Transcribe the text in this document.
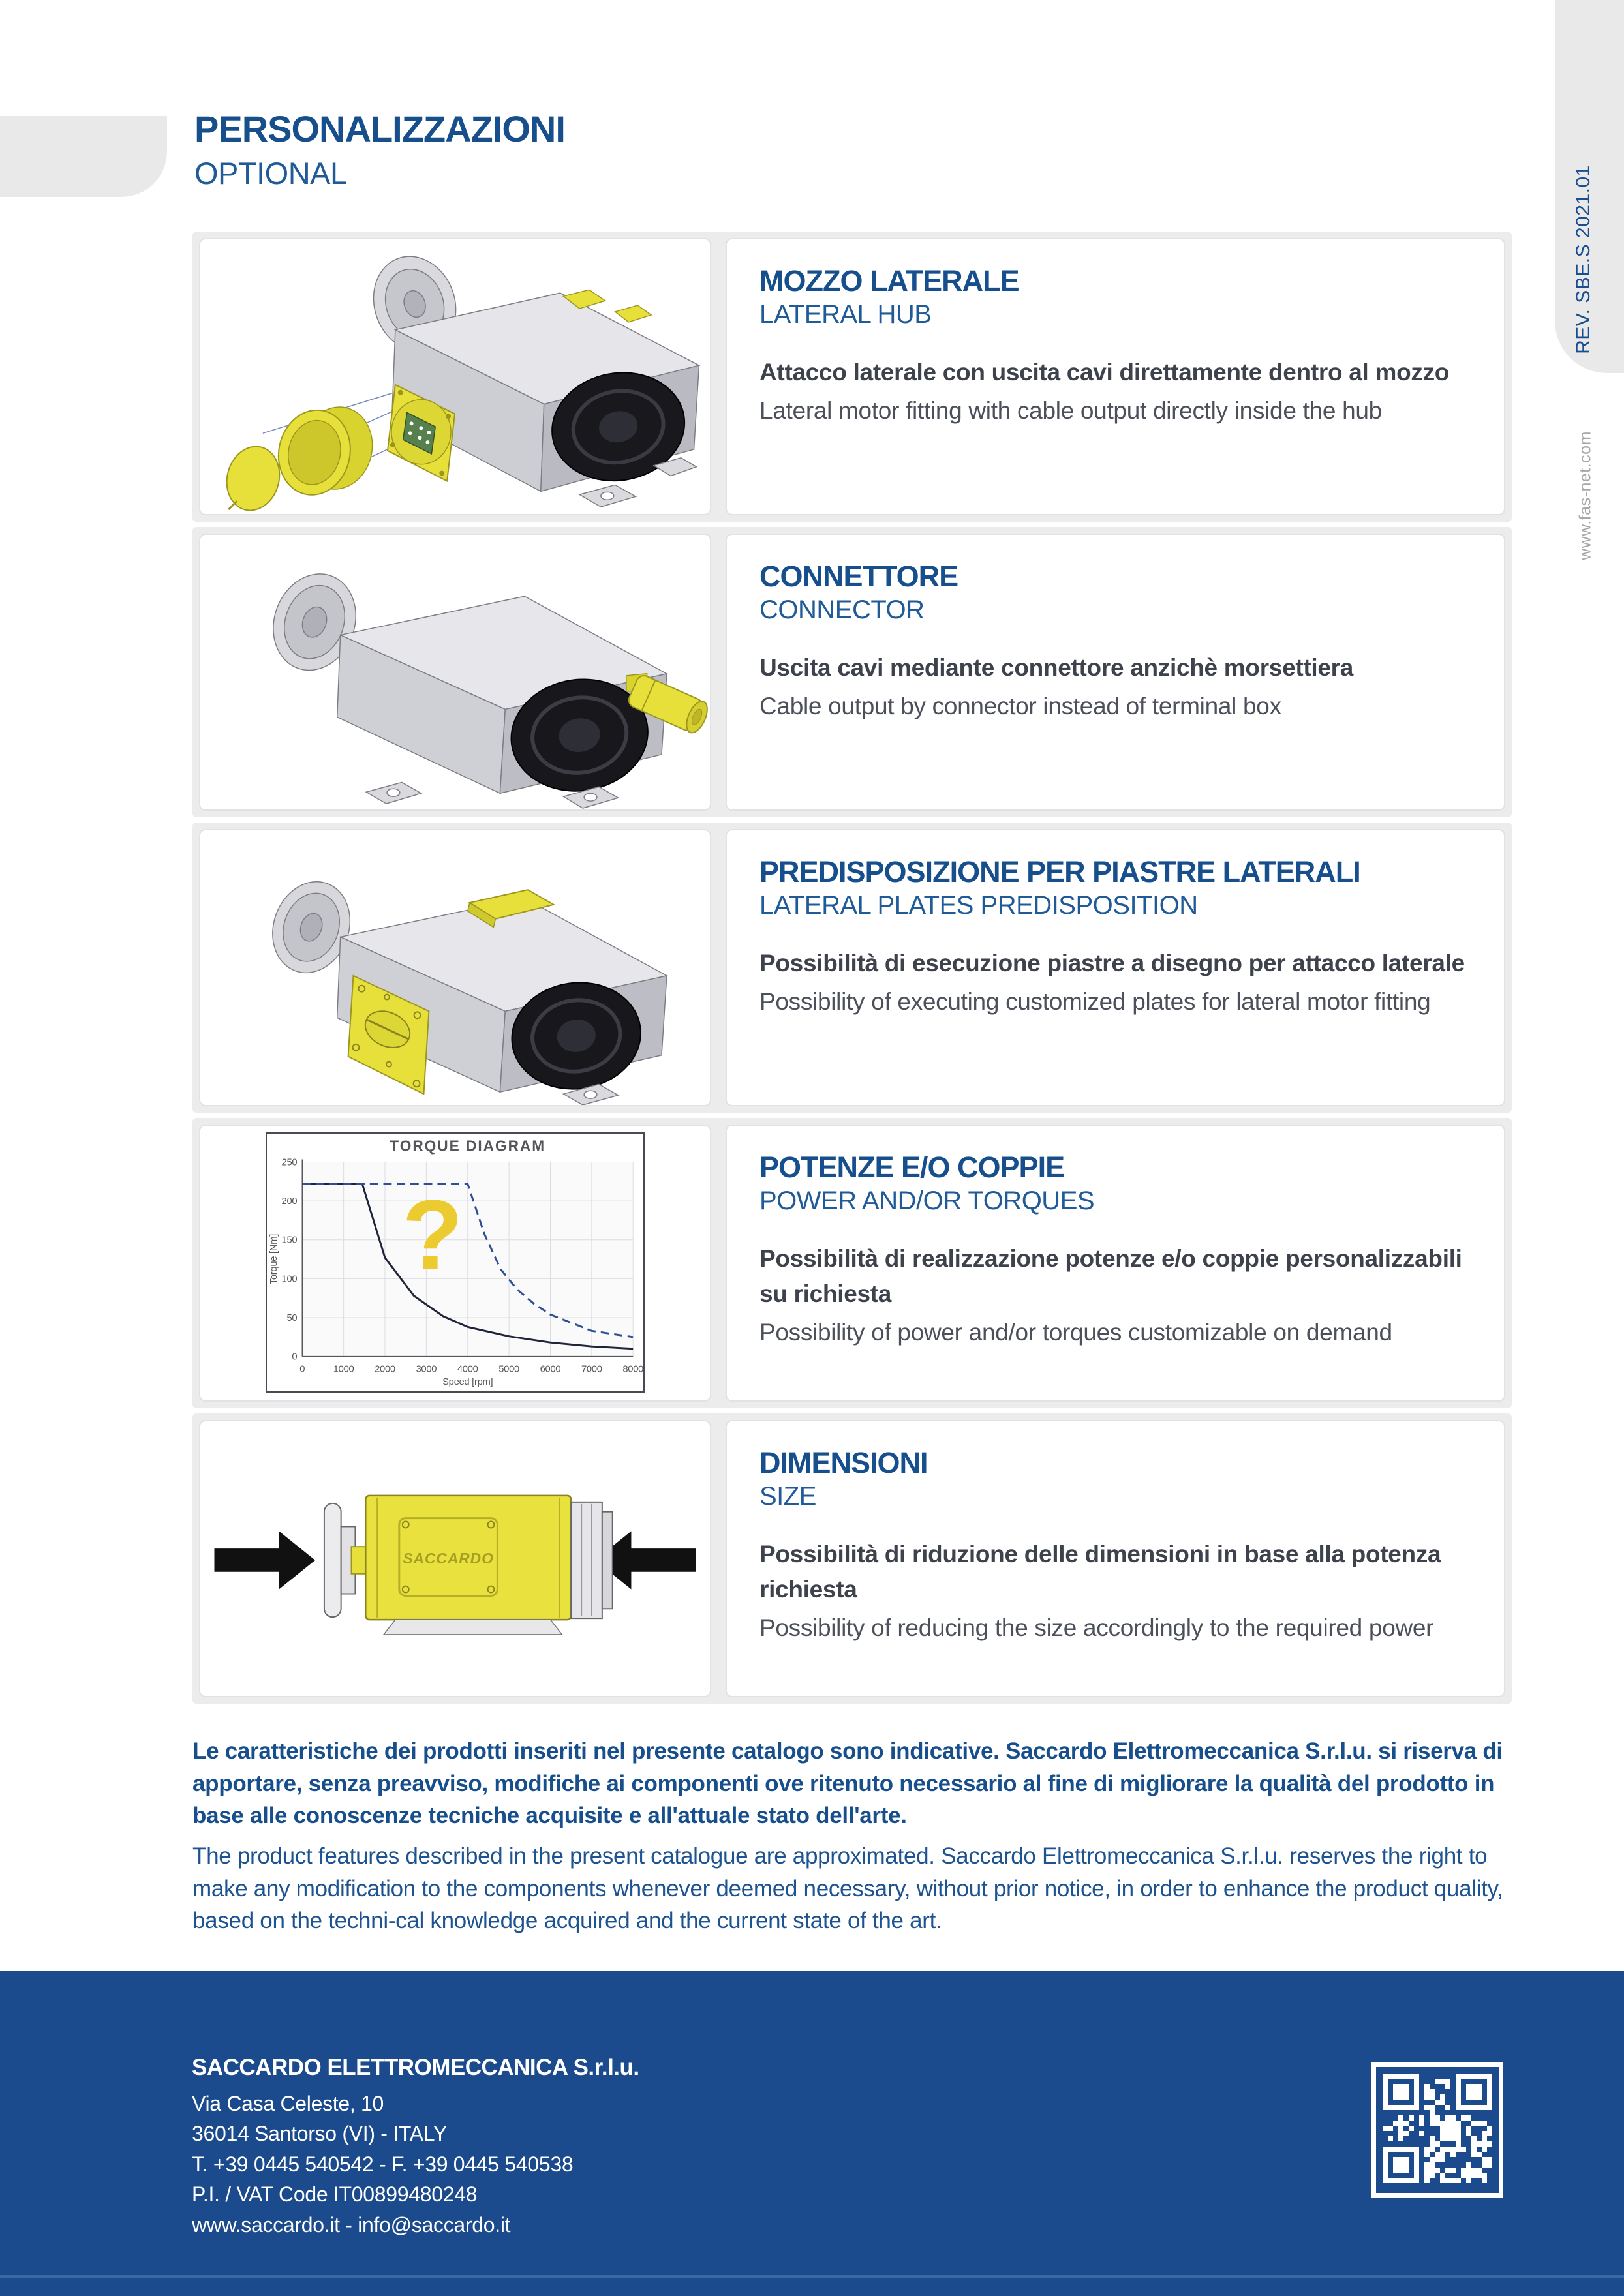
REV. SBE.S 2021.01
www.fas-net.com
PERSONALIZZAZIONI
OPTIONAL
MOZZO LATERALE
LATERAL HUB
Attacco laterale con uscita cavi direttamente dentro al mozzo
Lateral motor fitting with cable output directly inside the hub
CONNETTORE
CONNECTOR
Uscita cavi mediante connettore anzichè morsettiera
Cable output by connector instead of terminal box
PREDISPOSIZIONE PER PIASTRE LATERALI
LATERAL PLATES PREDISPOSITION
Possibilità di esecuzione piastre a disegno per attacco laterale
Possibility of executing customized plates for lateral motor fitting
0	1000 2000 3000 4000 5000 6000 7000 8000
0
50
100
150
200
250
TORQUE DIAGRAM
Speed [rpm]
Torque [Nm] ?
POTENZE E/O COPPIE
POWER AND/OR TORQUES
Possibilità di realizzazione potenze e/o coppie personalizzabili su richiesta
Possibility of power and/or torques customizable on demand
SACCARDO
DIMENSIONI
SIZE
Possibilità di riduzione delle dimensioni in base alla potenza richiesta
Possibility of reducing the size accordingly to the required power
Le caratteristiche dei prodotti inseriti nel presente catalogo sono indicative. Saccardo Elettromeccanica S.r.l.u. si riserva di apportare, senza preavviso, modifiche ai componenti ove ritenuto necessario al fine di migliorare la qualità del prodotto in base alle conoscenze tecniche acquisite e all'attuale stato dell'arte.
The product features described in the present catalogue are approximated. Saccardo Elettromeccanica S.r.l.u. reserves the right to make any modification to the components whenever deemed necessary, without prior notice, in order to enhance the product quality, based on the techni-cal knowledge acquired and the current state of the art.
SACCARDO ELETTROMECCANICA S.r.l.u.
Via Casa Celeste, 10
36014 Santorso (VI) - ITALY
T. +39 0445 540542 - F. +39 0445 540538
P.I. / VAT Code IT00899480248
www.saccardo.it - info@saccardo.it
